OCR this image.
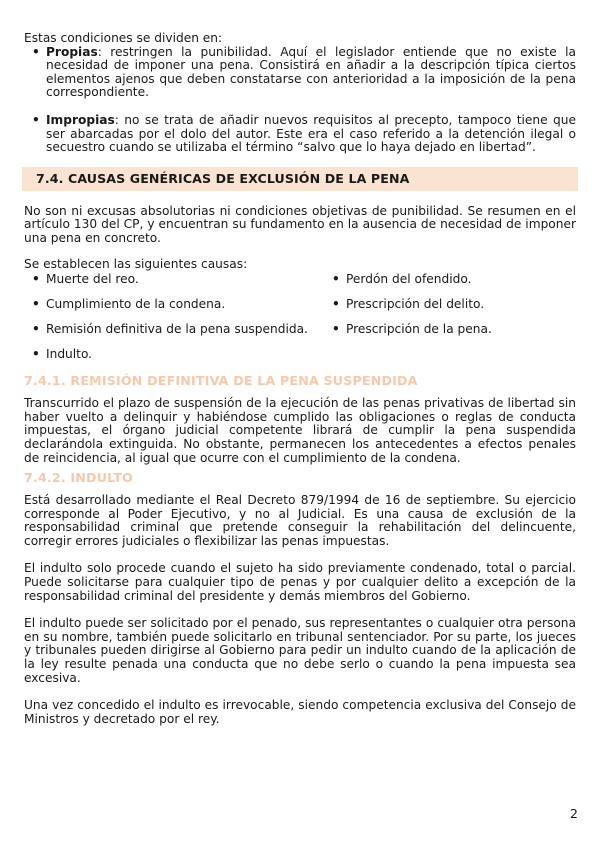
Estas condiciones se dividen en:

• Propias: restringen la punibilidad. Aquí el legislador entiende que no existe la necesidad de imponer una pena. Consistirá en añadir a la descripción típica ciertos elementos ajenos que deben constatarse con anterioridad a la imposición de la pena correspondiente.
• Impropias: no se trata de añadir nuevos requisitos al precepto, tampoco tiene que ser abarcadas por el dolo del autor. Este era el caso referido a la detención ilegal o secuestro cuando se utilizaba el término “salvo que lo haya dejado en libertad”.
7.4. CAUSAS GENÉRICAS DE EXCLUSIÓN DE LA PENA

No son ni excusas absolutorias ni condiciones objetivas de punibilidad. Se resumen en el artículo 130 del CP, y encuentran su fundamento en la ausencia de necesidad de imponer una pena en concreto.

Se establecen las siguientes causas:

• Muerte del reo.	• Perdón del ofendido.
• Cumplimiento de la condena.	• Prescripción del delito.
• Remisión definitiva de la pena suspendida.	• Prescripción de la pena.
• Indulto.
7.4.1. REMISIÓN DEFINITIVA DE LA PENA SUSPENDIDA

Transcurrido el plazo de suspensión de la ejecución de las penas privativas de libertad sin haber vuelto a delinquir y habiéndose cumplido las obligaciones o reglas de conducta impuestas, el órgano judicial competente librará de cumplir la pena suspendida declarándola extinguida. No obstante, permanecen los antecedentes a efectos penales de reincidencia, al igual que ocurre con el cumplimiento de la condena.

7.4.2. INDULTO

Está desarrollado mediante el Real Decreto 879/1994 de 16 de septiembre. Su ejercicio corresponde al Poder Ejecutivo, y no al Judicial. Es una causa de exclusión de la responsabilidad criminal que pretende conseguir la rehabilitación del delincuente, corregir errores judiciales o flexibilizar las penas impuestas.

El indulto solo procede cuando el sujeto ha sido previamente condenado, total o parcial. Puede solicitarse para cualquier tipo de penas y por cualquier delito a excepción de la responsabilidad criminal del presidente y demás miembros del Gobierno.

El indulto puede ser solicitado por el penado, sus representantes o cualquier otra persona en su nombre, también puede solicitarlo en tribunal sentenciador. Por su parte, los jueces y tribunales pueden dirigirse al Gobierno para pedir un indulto cuando de la aplicación de la ley resulte penada una conducta que no debe serlo o cuando la pena impuesta sea excesiva.

Una vez concedido el indulto es irrevocable, siendo competencia exclusiva del Consejo de Ministros y decretado por el rey.

2
